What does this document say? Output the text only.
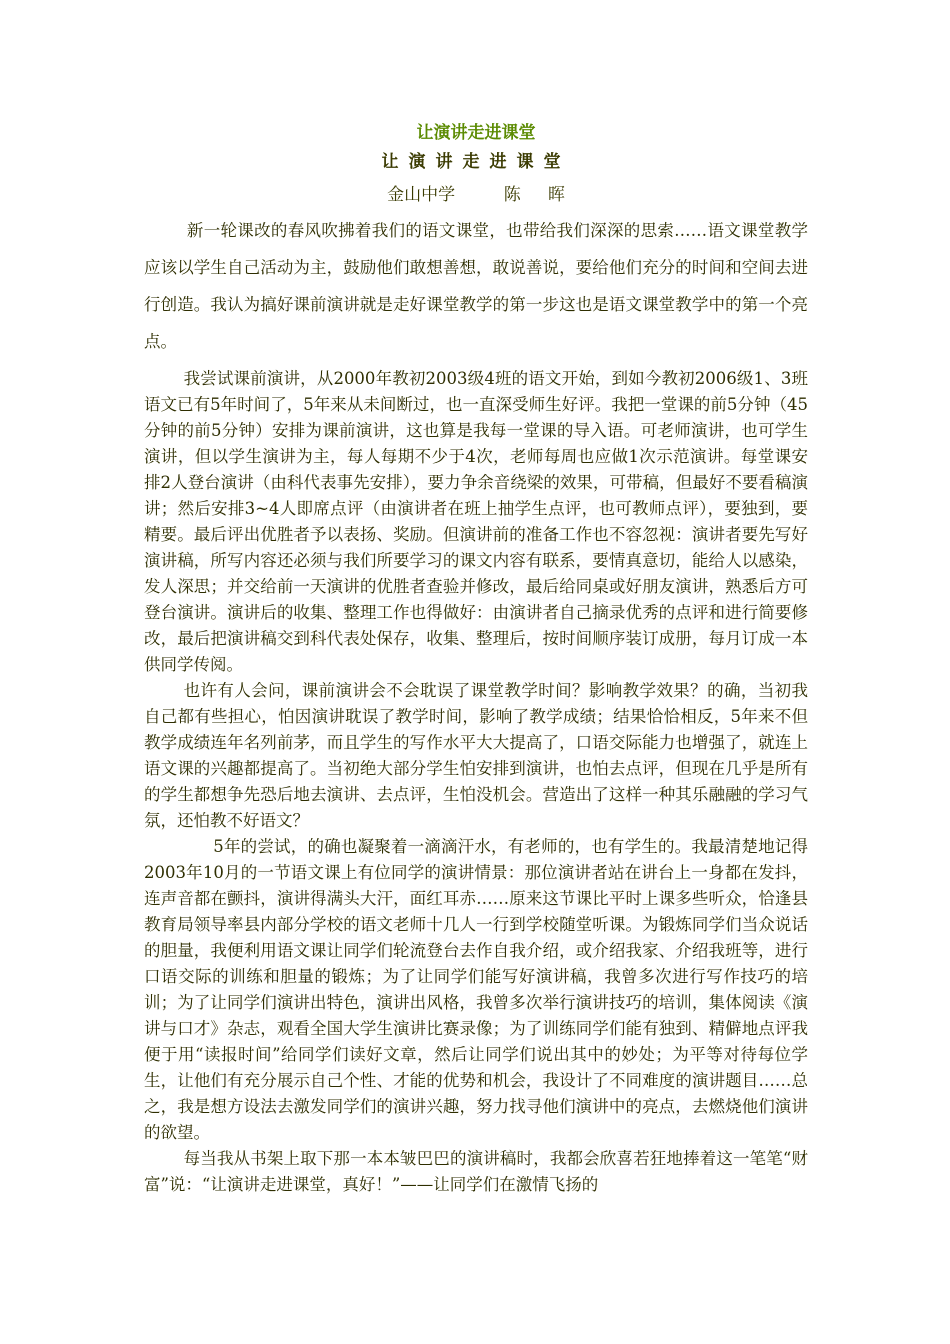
让演讲走进课堂
让演讲走进课堂
金山中学         陈     晖

新一轮课改的春风吹拂着我们的语文课堂，也带给我们深深的思索……语文课堂教学应该以学生自己活动为主，鼓励他们敢想善想，敢说善说，要给他们充分的时间和空间去进行创造。我认为搞好课前演讲就是走好课堂教学的第一步这也是语文课堂教学中的第一个亮点。

我尝试课前演讲，从2000年教初2003级4班的语文开始，到如今教初2006级1、3班语文已有5年时间了，5年来从未间断过，也一直深受师生好评。我把一堂课的前5分钟（45分钟的前5分钟）安排为课前演讲，这也算是我每一堂课的导入语。可老师演讲，也可学生演讲，但以学生演讲为主，每人每期不少于4次，老师每周也应做1次示范演讲。每堂课安排2人登台演讲（由科代表事先安排），要力争余音绕梁的效果，可带稿，但最好不要看稿演讲；然后安排3~4人即席点评（由演讲者在班上抽学生点评，也可教师点评），要独到，要精要。最后评出优胜者予以表扬、奖励。但演讲前的准备工作也不容忽视：演讲者要先写好演讲稿，所写内容还必须与我们所要学习的课文内容有联系，要情真意切，能给人以感染，发人深思；并交给前一天演讲的优胜者查验并修改，最后给同桌或好朋友演讲，熟悉后方可登台演讲。演讲后的收集、整理工作也得做好：由演讲者自己摘录优秀的点评和进行简要修改，最后把演讲稿交到科代表处保存，收集、整理后，按时间顺序装订成册，每月订成一本供同学传阅。

也许有人会问，课前演讲会不会耽误了课堂教学时间？影响教学效果？的确，当初我自己都有些担心，怕因演讲耽误了教学时间，影响了教学成绩；结果恰恰相反，5年来不但教学成绩连年名列前茅，而且学生的写作水平大大提高了，口语交际能力也增强了，就连上语文课的兴趣都提高了。当初绝大部分学生怕安排到演讲，也怕去点评，但现在几乎是所有的学生都想争先恐后地去演讲、去点评，生怕没机会。营造出了这样一种其乐融融的学习气氛，还怕教不好语文？

5年的尝试，的确也凝聚着一滴滴汗水，有老师的，也有学生的。我最清楚地记得2003年10月的一节语文课上有位同学的演讲情景：那位演讲者站在讲台上一身都在发抖，连声音都在颤抖，演讲得满头大汗，面红耳赤……原来这节课比平时上课多些听众，恰逢县教育局领导率县内部分学校的语文老师十几人一行到学校随堂听课。为锻炼同学们当众说话的胆量，我便利用语文课让同学们轮流登台去作自我介绍，或介绍我家、介绍我班等，进行口语交际的训练和胆量的锻炼；为了让同学们能写好演讲稿，我曾多次进行写作技巧的培训；为了让同学们演讲出特色，演讲出风格，我曾多次举行演讲技巧的培训，集体阅读《演讲与口才》杂志，观看全国大学生演讲比赛录像；为了训练同学们能有独到、精僻地点评我便于用“读报时间”给同学们读好文章，然后让同学们说出其中的妙处；为平等对待每位学生，让他们有充分展示自己个性、才能的优势和机会，我设计了不同难度的演讲题目……总之，我是想方设法去激发同学们的演讲兴趣，努力找寻他们演讲中的亮点，去燃烧他们演讲的欲望。

每当我从书架上取下那一本本皱巴巴的演讲稿时，我都会欣喜若狂地捧着这一笔笔“财富”说：“让演讲走进课堂，真好！”——让同学们在激情飞扬的
